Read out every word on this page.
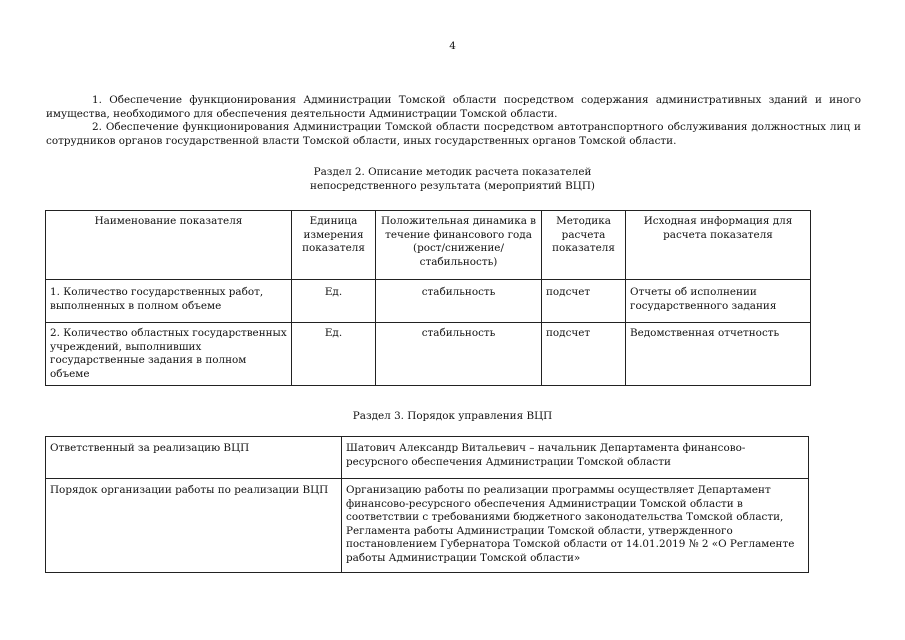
4

1. Обеспечение функционирования Администрации Томской области посредством содержания административных зданий и иного имущества, необходимого для обеспечения деятельности Администрации Томской области.

2. Обеспечение функционирования Администрации Томской области посредством автотранспортного обслуживания должностных лиц и сотрудников органов государственной власти Томской области, иных государственных органов Томской области.

Раздел 2. Описание методик расчета показателей
непосредственного результата (мероприятий ВЦП)
Наименование показателя	Единица измерения показателя	Положительная динамика в течение финансового года (рост/снижение/ стабильность)	Методика расчета показателя	Исходная информация для расчета показателя
1. Количество государственных работ, выполненных в полном объеме	Ед.	стабильность	подсчет	Отчеты об исполнении государственного задания
2. Количество областных государственных учреждений, выполнивших государственные задания в полном объеме	Ед.	стабильность	подсчет	Ведомственная отчетность
Раздел 3. Порядок управления ВЦП
Ответственный за реализацию ВЦП	Шатович Александр Витальевич – начальник Департамента финансово-ресурсного обеспечения Администрации Томской области
Порядок организации работы по реализации ВЦП	Организацию работы по реализации программы осуществляет Департамент финансово-ресурсного обеспечения Администрации Томской области в соответствии с требованиями бюджетного законодательства Томской области, Регламента работы Администрации Томской области, утвержденного постановлением Губернатора Томской области от 14.01.2019 № 2 «О Регламенте работы Администрации Томской области»
